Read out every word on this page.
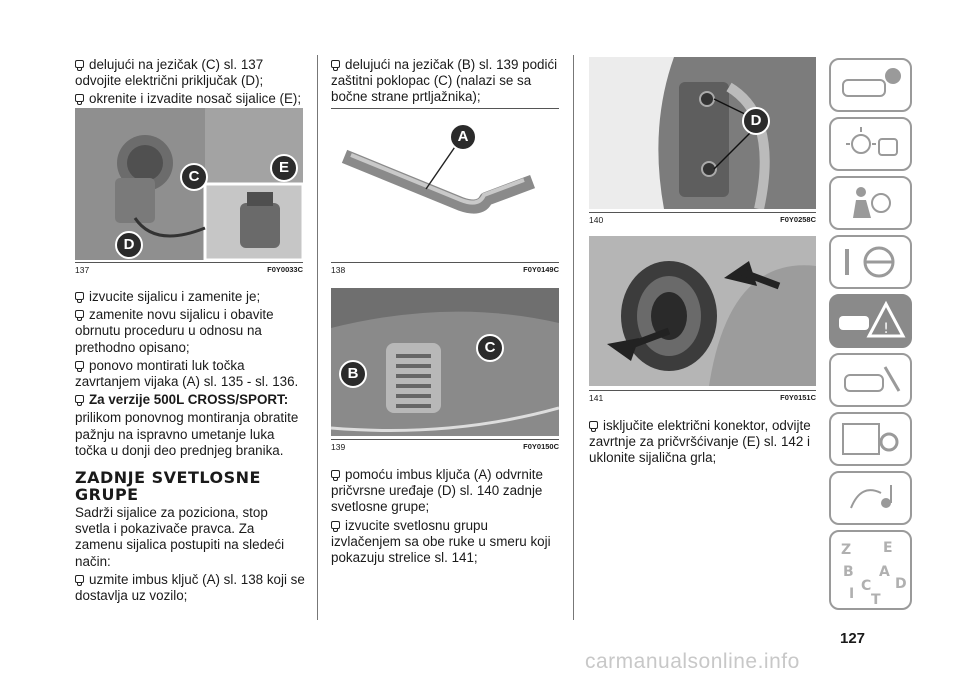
delujući na jezičak (C) sl. 137 odvojite električni priključak (D);

okrenite i izvadite nosač sijalice (E);

C
D
E
137	F0Y0033C

izvucite sijalicu i zamenite je;

zamenite novu sijalicu i obavite obrnutu proceduru u odnosu na prethodno opisano;

ponovo montirati luk točka zavrtanjem vijaka (A) sl. 135 - sl. 136.

Za verzije 500L CROSS/SPORT:

prilikom ponovnog montiranja obratite pažnju na ispravno umetanje luka točka u donji deo prednjeg branika.

ZADNJE SVETLOSNE GRUPE

Sadrži sijalice za poziciona, stop svetla i pokazivače pravca. Za zamenu sijalica postupiti na sledeći način:

uzmite imbus ključ (A) sl. 138 koji se dostavlja uz vozilo;

delujući na jezičak (B) sl. 139 podići zaštitni poklopac (C) (nalazi se sa bočne strane prtljažnika);

A
138	F0Y0149C
B
C
139	F0Y0150C

pomoću imbus ključa (A) odvrnite pričvrsne uređaje (D) sl. 140 zadnje svetlosne grupe;

izvucite svetlosnu grupu izvlačenjem sa obe ruke u smeru koji pokazuju strelice sl. 141;

D
140	F0Y0258C
141	F0Y0151C

isključite električni konektor, odvijte zavrtnje za pričvršćivanje (E) sl. 142 i uklonite sijalična grla;

!
Z E
B A
C D
I T
127
carmanualsonline.info
